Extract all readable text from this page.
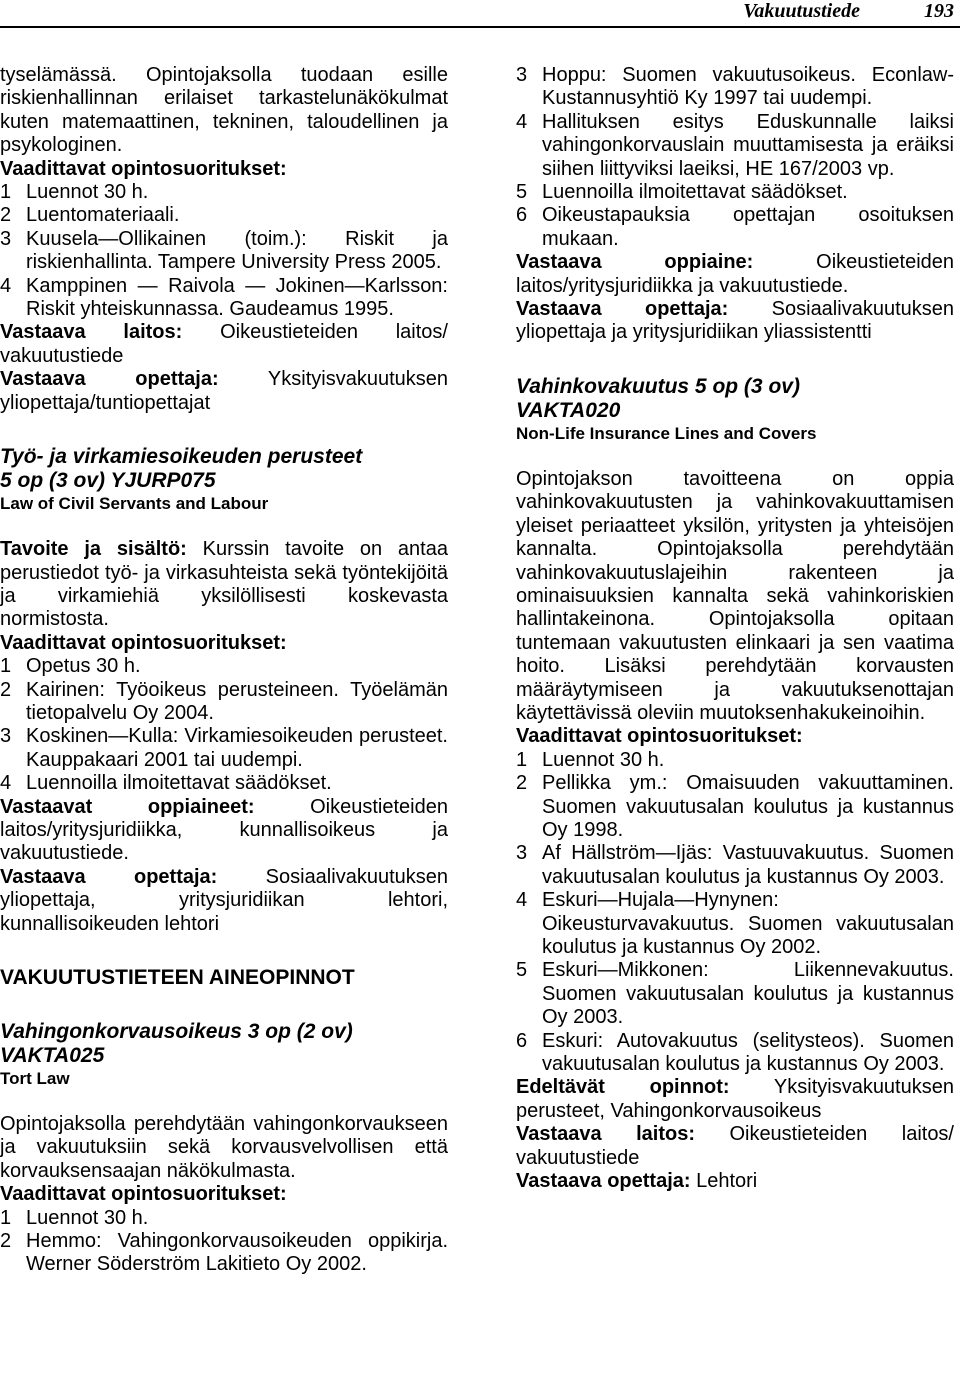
Vakuutustiede	193

tyselämässä. Opintojaksolla tuodaan esille riskienhallinnan erilaiset tarkastelunäkökulmat kuten matemaattinen, tekninen, taloudellinen ja psykologinen.

Vaadittavat opintosuoritukset:

1 Luennot 30 h.
2 Luentomateriaali.
3 Kuusela—Ollikainen (toim.): Riskit ja riskienhallinta. Tampere University Press 2005.
4 Kamppinen — Raivola — Jokinen—Karlsson: Riskit yhteiskunnassa. Gaudeamus 1995.

Vastaava laitos: Oikeustieteiden laitos/ vakuutustiede

Vastaava opettaja: Yksityisvakuutuksen yliopettaja/tuntiopettajat

Työ- ja virkamiesoikeuden perusteet

5 op (3 ov) YJURP075

Law of Civil Servants and Labour

Tavoite ja sisältö: Kurssin tavoite on antaa perustiedot työ- ja virkasuhteista sekä työntekijöitä ja virkamiehiä yksilöllisesti koskevasta normistosta.

Vaadittavat opintosuoritukset:

1 Opetus 30 h.
2 Kairinen: Työoikeus perusteineen. Työelämän tietopalvelu Oy 2004.
3 Koskinen—Kulla: Virkamiesoikeuden perusteet. Kauppakaari 2001 tai uudempi.
4 Luennoilla ilmoitettavat säädökset.

Vastaavat oppiaineet:	Oikeustieteiden laitos/yritysjuridiikka, kunnallisoikeus ja vakuutustiede.

Vastaava opettaja: Sosiaalivakuutuksen yliopettaja, yritysjuridiikan lehtori, kunnallisoikeuden lehtori

VAKUUTUSTIETEEN AINEOPINNOT

Vahingonkorvausoikeus 3 op (2 ov)

VAKTA025

Tort Law

Opintojaksolla perehdytään vahingonkorvaukseen ja vakuutuksiin sekä korvausvelvollisen että korvauksensaajan näkökulmasta.

Vaadittavat opintosuoritukset:

1 Luennot 30 h.
2 Hemmo: Vahingonkorvausoikeuden oppikirja. Werner Söderström Lakitieto Oy 2002.
3 Hoppu: Suomen vakuutusoikeus. Econlaw-Kustannusyhtiö Ky 1997 tai uudempi.
4 Hallituksen esitys Eduskunnalle laiksi vahingonkorvauslain muuttamisesta ja eräiksi siihen liittyviksi laeiksi, HE 167/2003 vp.
5 Luennoilla ilmoitettavat säädökset.
6 Oikeustapauksia opettajan osoituksen mukaan.

Vastaava oppiaine:	Oikeustieteiden laitos/yritysjuridiikka ja vakuutustiede.

Vastaava opettaja: Sosiaalivakuutuksen yliopettaja ja yritysjuridiikan yliassistentti

Vahinkovakuutus 5 op (3 ov)

VAKTA020

Non-Life Insurance Lines and Covers

Opintojakson tavoitteena on oppia vahinkovakuutusten ja vahinkovakuuttamisen yleiset periaatteet yksilön, yritysten ja yhteisöjen kannalta. Opintojaksolla perehdytään vahinkovakuutuslajeihin rakenteen ja ominaisuuksien kannalta sekä vahinkoriskien hallintakeinona. Opintojaksolla opitaan tuntemaan vakuutusten elinkaari ja sen vaatima hoito. Lisäksi perehdytään korvausten määräytymiseen ja vakuutuksenottajan käytettävissä oleviin muutoksenhakukeinoihin.

Vaadittavat opintosuoritukset:

1 Luennot 30 h.
2 Pellikka ym.: Omaisuuden vakuuttaminen. Suomen vakuutusalan koulutus ja kustannus Oy 1998.
3 Af Hällström—Ijäs: Vastuuvakuutus. Suomen vakuutusalan koulutus ja kustannus Oy 2003.
4 Eskuri—Hujala—Hynynen: Oikeusturvavakuutus. Suomen vakuutusalan koulutus ja kustannus Oy 2002.
5 Eskuri—Mikkonen: Liikennevakuutus. Suomen vakuutusalan koulutus ja kustannus Oy 2003.
6 Eskuri: Autovakuutus (selitysteos). Suomen vakuutusalan koulutus ja kustannus Oy 2003.

Edeltävät opinnot: Yksityisvakuutuksen perusteet, Vahingonkorvausoikeus

Vastaava laitos: Oikeustieteiden laitos/ vakuutustiede

Vastaava opettaja: Lehtori
